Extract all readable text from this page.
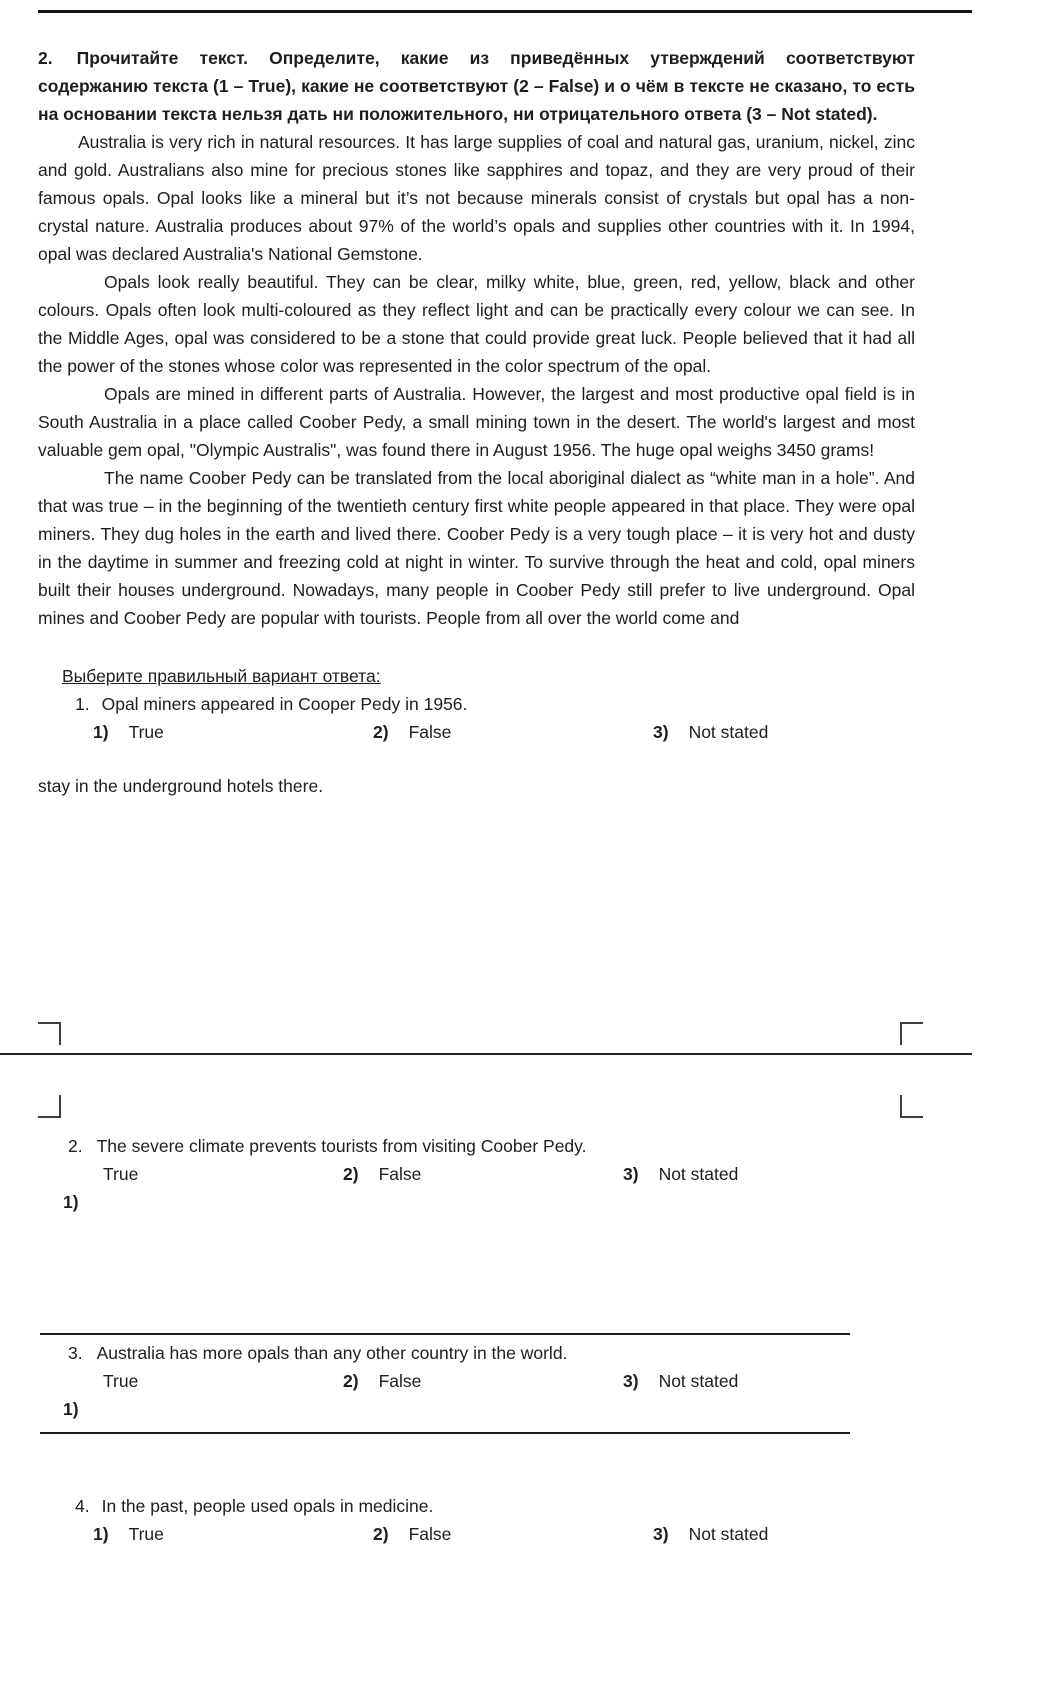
2. Прочитайте текст. Определите, какие из приведённых утверждений соответствуют содержанию текста (1 – True), какие не соответствуют (2 – False) и о чём в тексте не сказано, то есть на основании текста нельзя дать ни положительного, ни отрицательного ответа (3 – Not stated).

Australia is very rich in natural resources. It has large supplies of coal and natural gas, uranium, nickel, zinc and gold. Australians also mine for precious stones like sapphires and topaz, and they are very proud of their famous opals. Opal looks like a mineral but it’s not because minerals consist of crystals but opal has a non-crystal nature. Australia produces about 97% of the world’s opals and supplies other countries with it. In 1994, opal was declared Australia's National Gemstone.

Opals look really beautiful. They can be clear, milky white, blue, green, red, yellow, black and other colours. Opals often look multi-coloured as they reflect light and can be practically every colour we can see. In the Middle Ages, opal was considered to be a stone that could provide great luck. People believed that it had all the power of the stones whose color was represented in the color spectrum of the opal.

Opals are mined in different parts of Australia. However, the largest and most productive opal field is in South Australia in a place called Coober Pedy, a small mining town in the desert. The world's largest and most valuable gem opal, "Olympic Australis", was found there in August 1956. The huge opal weighs 3450 grams!

The name Coober Pedy can be translated from the local aboriginal dialect as “white man in a hole”. And that was true – in the beginning of the twentieth century first white people appeared in that place. They were opal miners. They dug holes in the earth and lived there. Coober Pedy is a very tough place – it is very hot and dusty in the daytime in summer and freezing cold at night in winter. To survive through the heat and cold, opal miners built their houses underground. Nowadays, many people in Coober Pedy still prefer to live underground. Opal mines and Coober Pedy are popular with tourists. People from all over the world come and

Выберите правильный вариант ответа:
1. Opal miners appeared in Cooper Pedy in 1956.
1) True	2) False	3) Not stated

stay in the underground hotels there.

2. The severe climate prevents tourists from visiting Coober Pedy.
True	2) False	3) Not stated
1)
3. Australia has more opals than any other country in the world.
True	2) False	3) Not stated
1)
4. In the past, people used opals in medicine.
1) True	2) False	3) Not stated
